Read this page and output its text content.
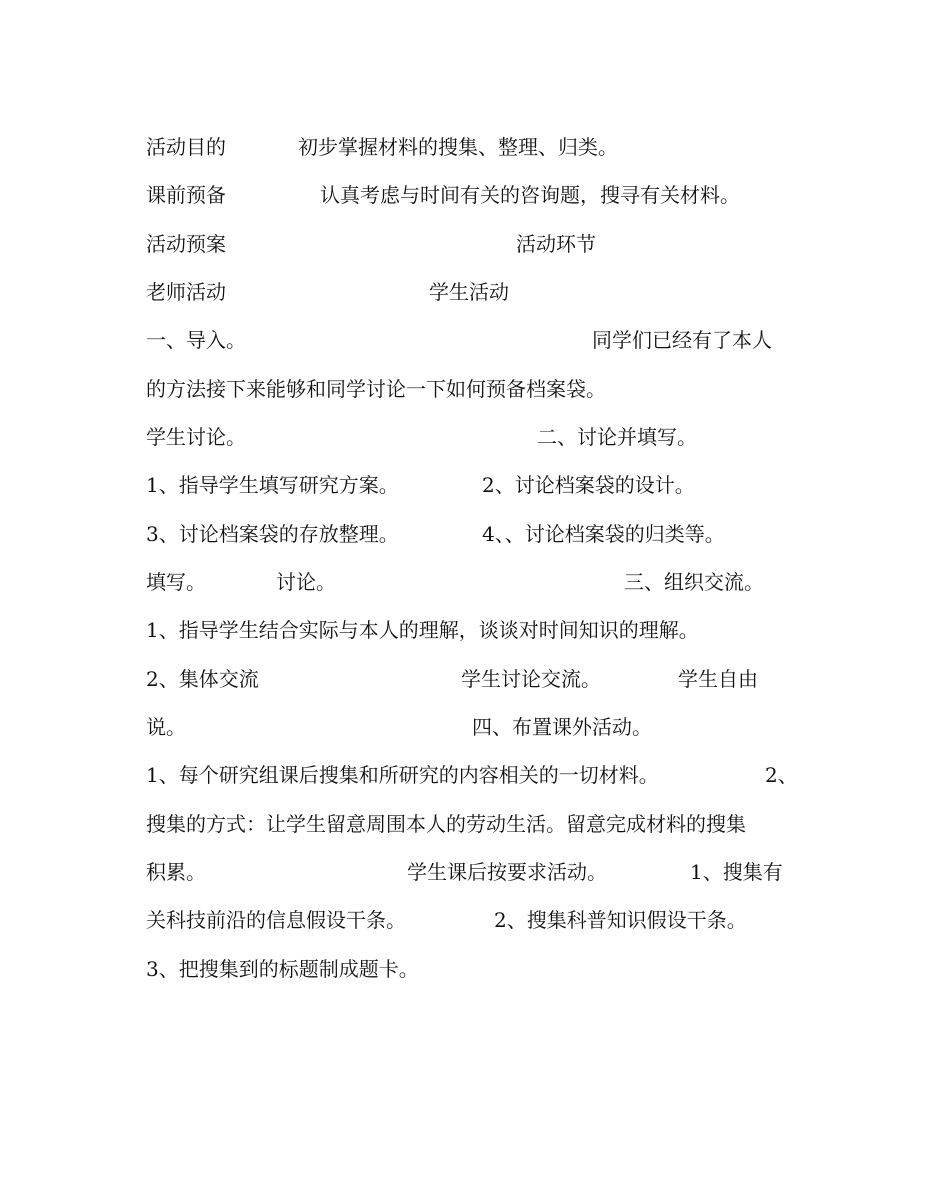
活动目的	初步掌握材料的搜集、整理、归类。
课前预备	认真考虑与时间有关的咨询题，搜寻有关材料。
活动预案	活动环节
老师活动	学生活动
一、导入。	同学们已经有了本人
的方法接下来能够和同学讨论一下如何预备档案袋。
学生讨论。	二、讨论并填写。
1、指导学生填写研究方案。	2、讨论档案袋的设计。
3、讨论档案袋的存放整理。	4、、讨论档案袋的归类等。
填写。	讨论。	三、组织交流。
1、指导学生结合实际与本人的理解，谈谈对时间知识的理解。
2、集体交流	学生讨论交流。	学生自由
说。	四、布置课外活动。
1、每个研究组课后搜集和所研究的内容相关的一切材料。	2、
搜集的方式：让学生留意周围本人的劳动生活。留意完成材料的搜集
积累。	学生课后按要求活动。	1、搜集有
关科技前沿的信息假设干条。	2、搜集科普知识假设干条。
3、把搜集到的标题制成题卡。
